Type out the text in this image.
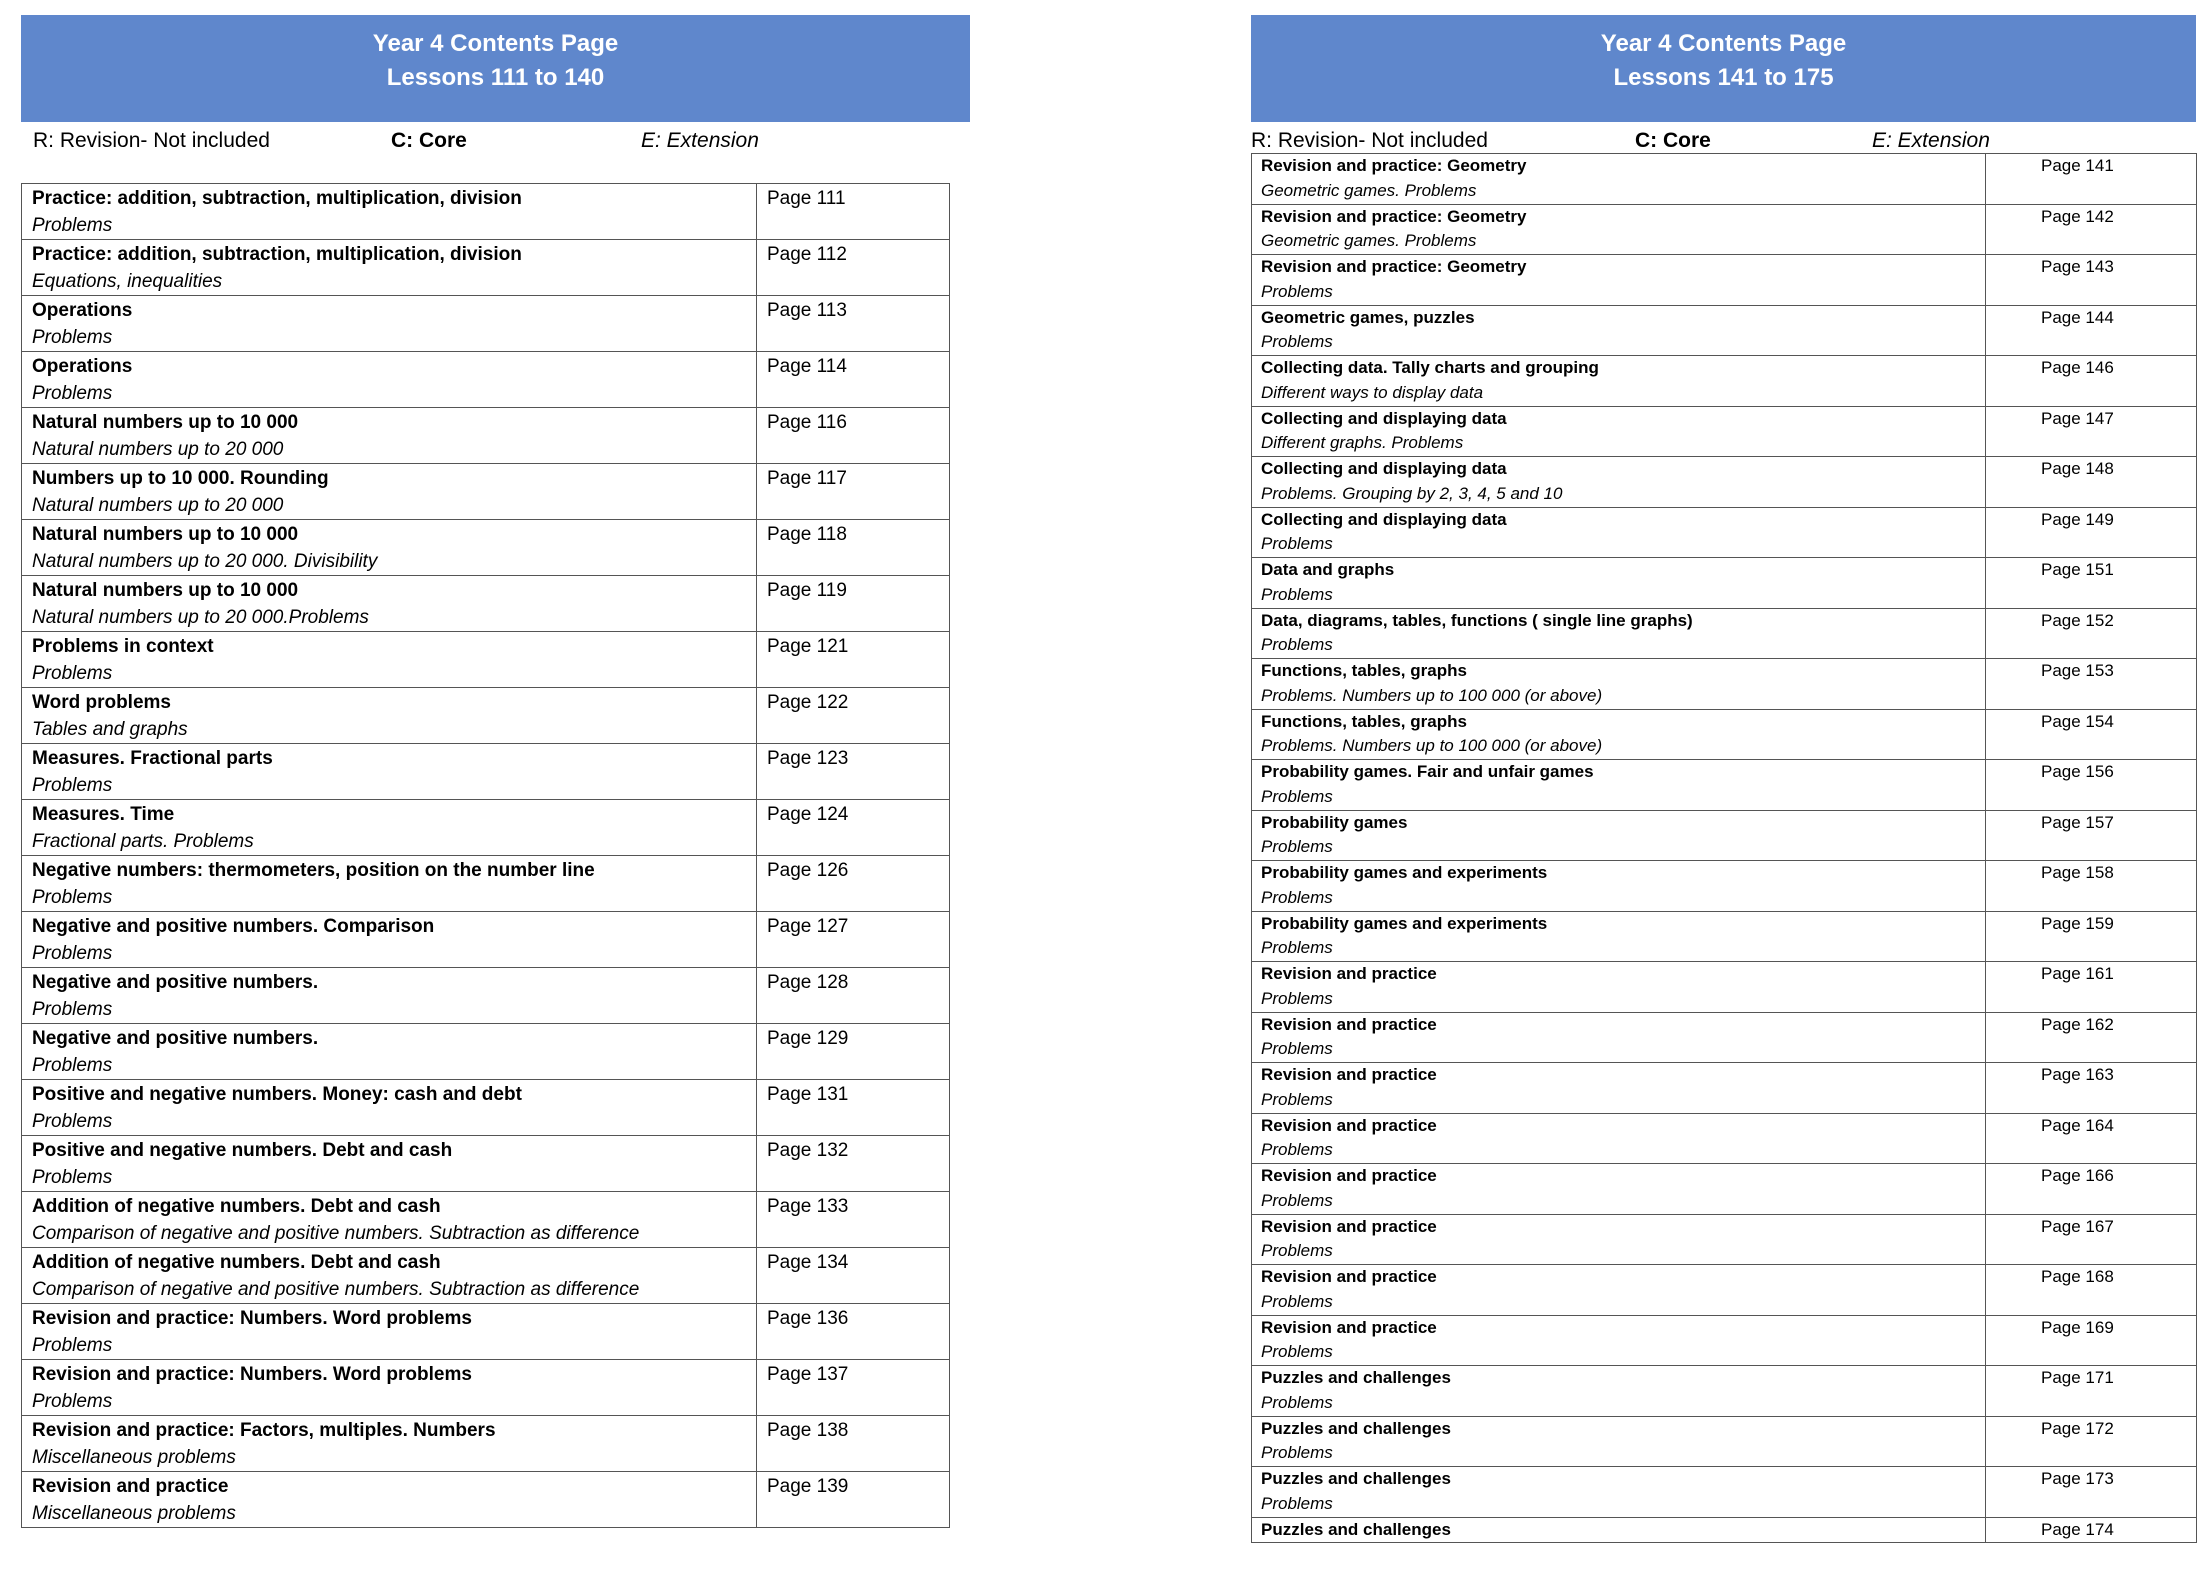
Year 4 Contents Page
Lessons 111 to 140
R: Revision- Not included	C: Core	E: Extension
Practice: addition, subtraction, multiplication, division
Problems	Page 111

Practice: addition, subtraction, multiplication, division
Equations, inequalities	Page 112

Operations
Problems	Page 113

Operations
Problems	Page 114

Natural numbers up to 10 000
Natural numbers up to 20 000	Page 116

Numbers up to 10 000. Rounding
Natural numbers up to 20 000	Page 117

Natural numbers up to 10 000
Natural numbers up to 20 000. Divisibility	Page 118

Natural numbers up to 10 000
Natural numbers up to 20 000.Problems	Page 119

Problems in context
Problems	Page 121

Word problems
Tables and graphs	Page 122

Measures. Fractional parts
Problems	Page 123

Measures. Time
Fractional parts. Problems	Page 124

Negative numbers: thermometers, position on the number line
Problems	Page 126

Negative and positive numbers. Comparison
Problems	Page 127

Negative and positive numbers.
Problems	Page 128

Negative and positive numbers.
Problems	Page 129

Positive and negative numbers. Money: cash and debt
Problems	Page 131

Positive and negative numbers. Debt and cash
Problems	Page 132

Addition of negative numbers. Debt and cash
Comparison of negative and positive numbers. Subtraction as difference	Page 133

Addition of negative numbers. Debt and cash
Comparison of negative and positive numbers. Subtraction as difference	Page 134

Revision and practice: Numbers. Word problems
Problems	Page 136

Revision and practice: Numbers. Word problems
Problems	Page 137

Revision and practice: Factors, multiples. Numbers
Miscellaneous problems	Page 138

Revision and practice
Miscellaneous problems	Page 139
Year 4 Contents Page
Lessons 141 to 175
R: Revision- Not included	C: Core	E: Extension
Revision and practice: Geometry
Geometric games. Problems	Page 141

Revision and practice: Geometry
Geometric games. Problems	Page 142

Revision and practice: Geometry
Problems	Page 143

Geometric games, puzzles
Problems	Page 144

Collecting data. Tally charts and grouping
Different ways to display data	Page 146

Collecting and displaying data
Different graphs. Problems	Page 147

Collecting and displaying data
Problems. Grouping by 2, 3, 4, 5 and 10	Page 148

Collecting and displaying data
Problems	Page 149

Data and graphs
Problems	Page 151

Data, diagrams, tables, functions ( single line graphs)
Problems	Page 152

Functions, tables, graphs
Problems. Numbers up to 100 000 (or above)	Page 153

Functions, tables, graphs
Problems. Numbers up to 100 000 (or above)	Page 154

Probability games. Fair and unfair games
Problems	Page 156

Probability games
Problems	Page 157

Probability games and experiments
Problems	Page 158

Probability games and experiments
Problems	Page 159

Revision and practice
Problems	Page 161

Revision and practice
Problems	Page 162

Revision and practice
Problems	Page 163

Revision and practice
Problems	Page 164

Revision and practice
Problems	Page 166

Revision and practice
Problems	Page 167

Revision and practice
Problems	Page 168

Revision and practice
Problems	Page 169

Puzzles and challenges
Problems	Page 171

Puzzles and challenges
Problems	Page 172

Puzzles and challenges
Problems	Page 173

Puzzles and challenges	Page 174
